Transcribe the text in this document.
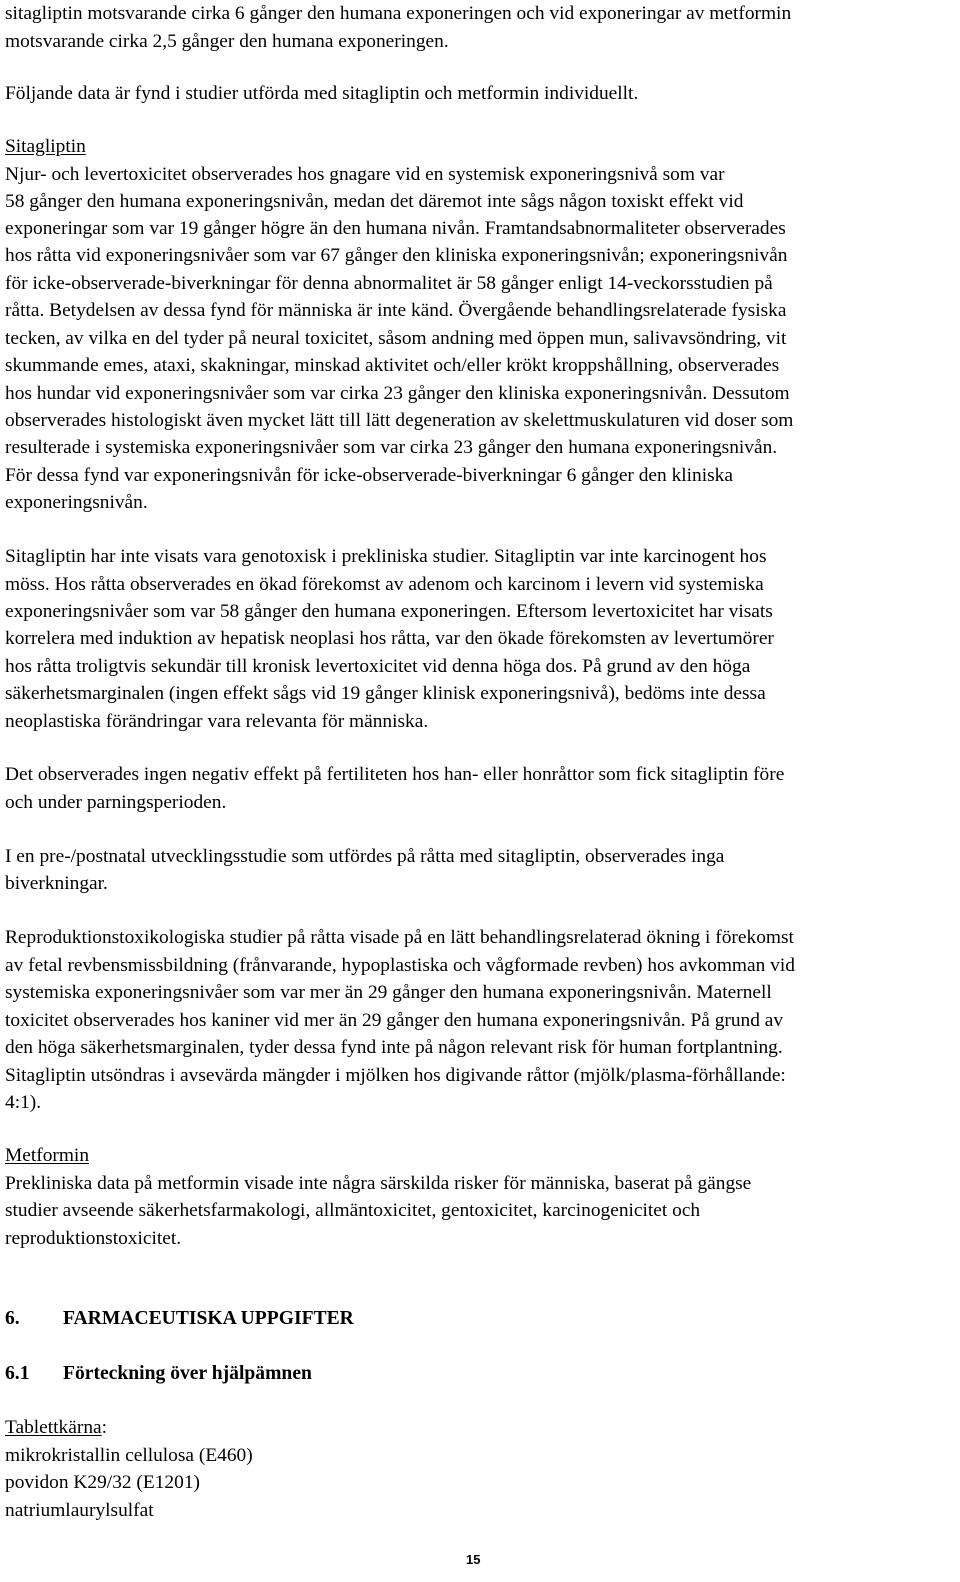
sitagliptin motsvarande cirka 6 gånger den humana exponeringen och vid exponeringar av metformin
motsvarande cirka 2,5 gånger den humana exponeringen.
Följande data är fynd i studier utförda med sitagliptin och metformin individuellt.
Sitagliptin
Njur- och levertoxicitet observerades hos gnagare vid en systemisk exponeringsnivå som var
58 gånger den humana exponeringsnivån, medan det däremot inte sågs någon toxiskt effekt vid
exponeringar som var 19 gånger högre än den humana nivån. Framtandsabnormaliteter observerades
hos råtta vid exponeringsnivåer som var 67 gånger den kliniska exponeringsnivån; exponeringsnivån
för icke-observerade-biverkningar för denna abnormalitet är 58 gånger enligt 14-veckorsstudien på
råtta. Betydelsen av dessa fynd för människa är inte känd. Övergående behandlingsrelaterade fysiska
tecken, av vilka en del tyder på neural toxicitet, såsom andning med öppen mun, salivavsöndring, vit
skummande emes, ataxi, skakningar, minskad aktivitet och/eller krökt kroppshållning, observerades
hos hundar vid exponeringsnivåer som var cirka 23 gånger den kliniska exponeringsnivån. Dessutom
observerades histologiskt även mycket lätt till lätt degeneration av skelettmuskulaturen vid doser som
resulterade i systemiska exponeringsnivåer som var cirka 23 gånger den humana exponeringsnivån.
För dessa fynd var exponeringsnivån för icke-observerade-biverkningar 6 gånger den kliniska
exponeringsnivån.
Sitagliptin har inte visats vara genotoxisk i prekliniska studier. Sitagliptin var inte karcinogent hos
möss. Hos råtta observerades en ökad förekomst av adenom och karcinom i levern vid systemiska
exponeringsnivåer som var 58 gånger den humana exponeringen. Eftersom levertoxicitet har visats
korrelera med induktion av hepatisk neoplasi hos råtta, var den ökade förekomsten av levertumörer
hos råtta troligtvis sekundär till kronisk levertoxicitet vid denna höga dos. På grund av den höga
säkerhetsmarginalen (ingen effekt sågs vid 19 gånger klinisk exponeringsnivå), bedöms inte dessa
neoplastiska förändringar vara relevanta för människa.
Det observerades ingen negativ effekt på fertiliteten hos han- eller honråttor som fick sitagliptin före
och under parningsperioden.
I en pre-/postnatal utvecklingsstudie som utfördes på råtta med sitagliptin, observerades inga
biverkningar.
Reproduktionstoxikologiska studier på råtta visade på en lätt behandlingsrelaterad ökning i förekomst
av fetal revbensmissbildning (frånvarande, hypoplastiska och vågformade revben) hos avkomman vid
systemiska exponeringsnivåer som var mer än 29 gånger den humana exponeringsnivån. Maternell
toxicitet observerades hos kaniner vid mer än 29 gånger den humana exponeringsnivån. På grund av
den höga säkerhetsmarginalen, tyder dessa fynd inte på någon relevant risk för human fortplantning.
Sitagliptin utsöndras i avsevärda mängder i mjölken hos digivande råttor (mjölk/plasma-förhållande:
4:1).
Metformin
Prekliniska data på metformin visade inte några särskilda risker för människa, baserat på gängse
studier avseende säkerhetsfarmakologi, allmäntoxicitet, gentoxicitet, karcinogenicitet och
reproduktionstoxicitet.
6. FARMACEUTISKA UPPGIFTER
6.1 Förteckning över hjälpämnen
Tablettkärna:
mikrokristallin cellulosa (E460)
povidon K29/32 (E1201)
natriumlaurylsulfat
15
